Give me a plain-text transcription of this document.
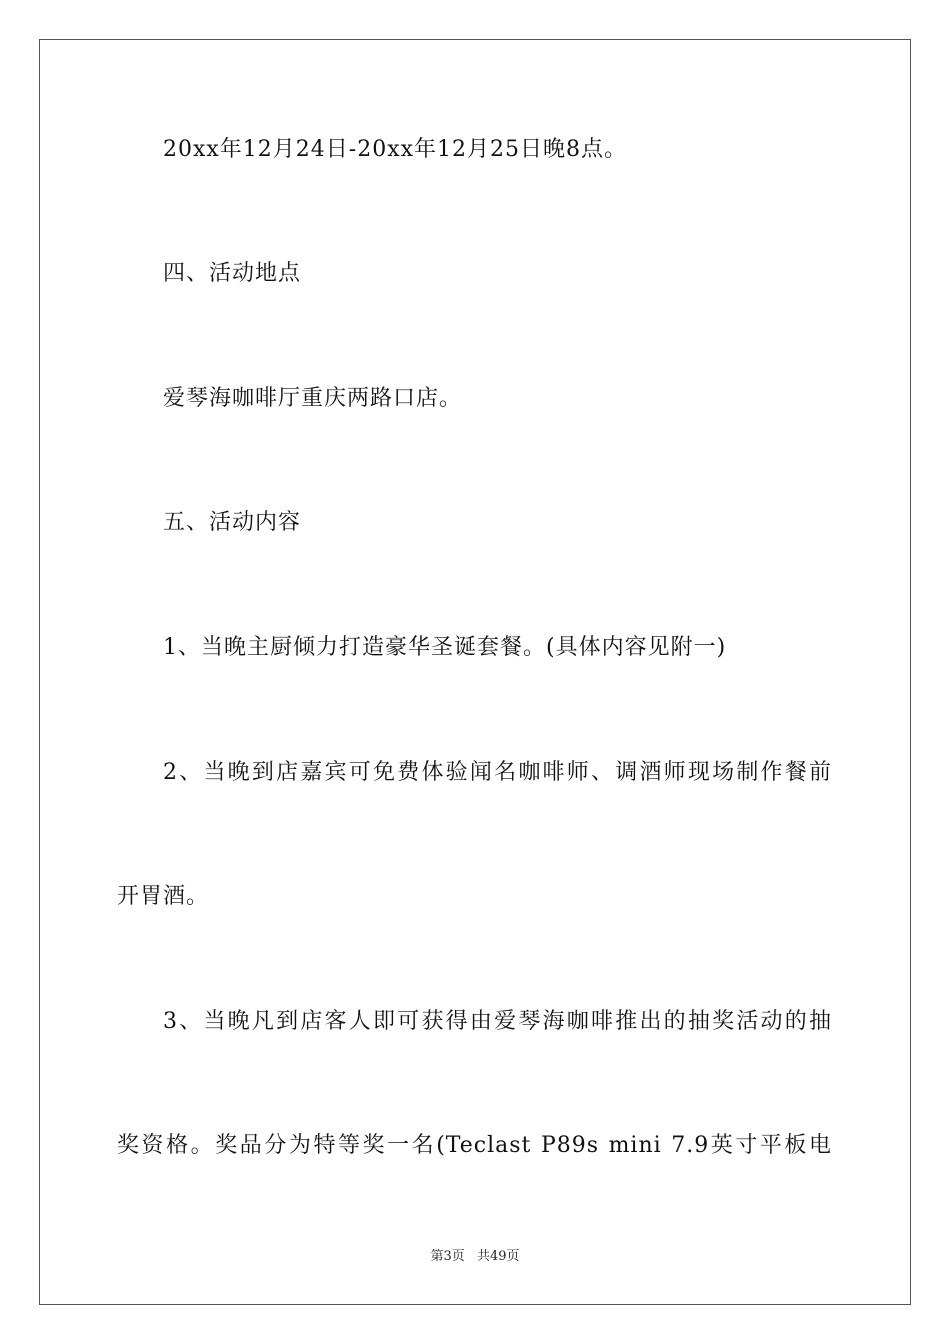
20xx年12月24日-20xx年12月25日晚8点。
四、活动地点
爱琴海咖啡厅重庆两路口店。
五、活动内容
1、当晚主厨倾力打造豪华圣诞套餐。(具体内容见附一)
2、当晚到店嘉宾可免费体验闻名咖啡师、调酒师现场制作餐前
开胃酒。
3、当晚凡到店客人即可获得由爱琴海咖啡推出的抽奖活动的抽
奖资格。奖品分为特等奖一名(Teclast P89s mini 7.9英寸平板电
第3页 共49页
